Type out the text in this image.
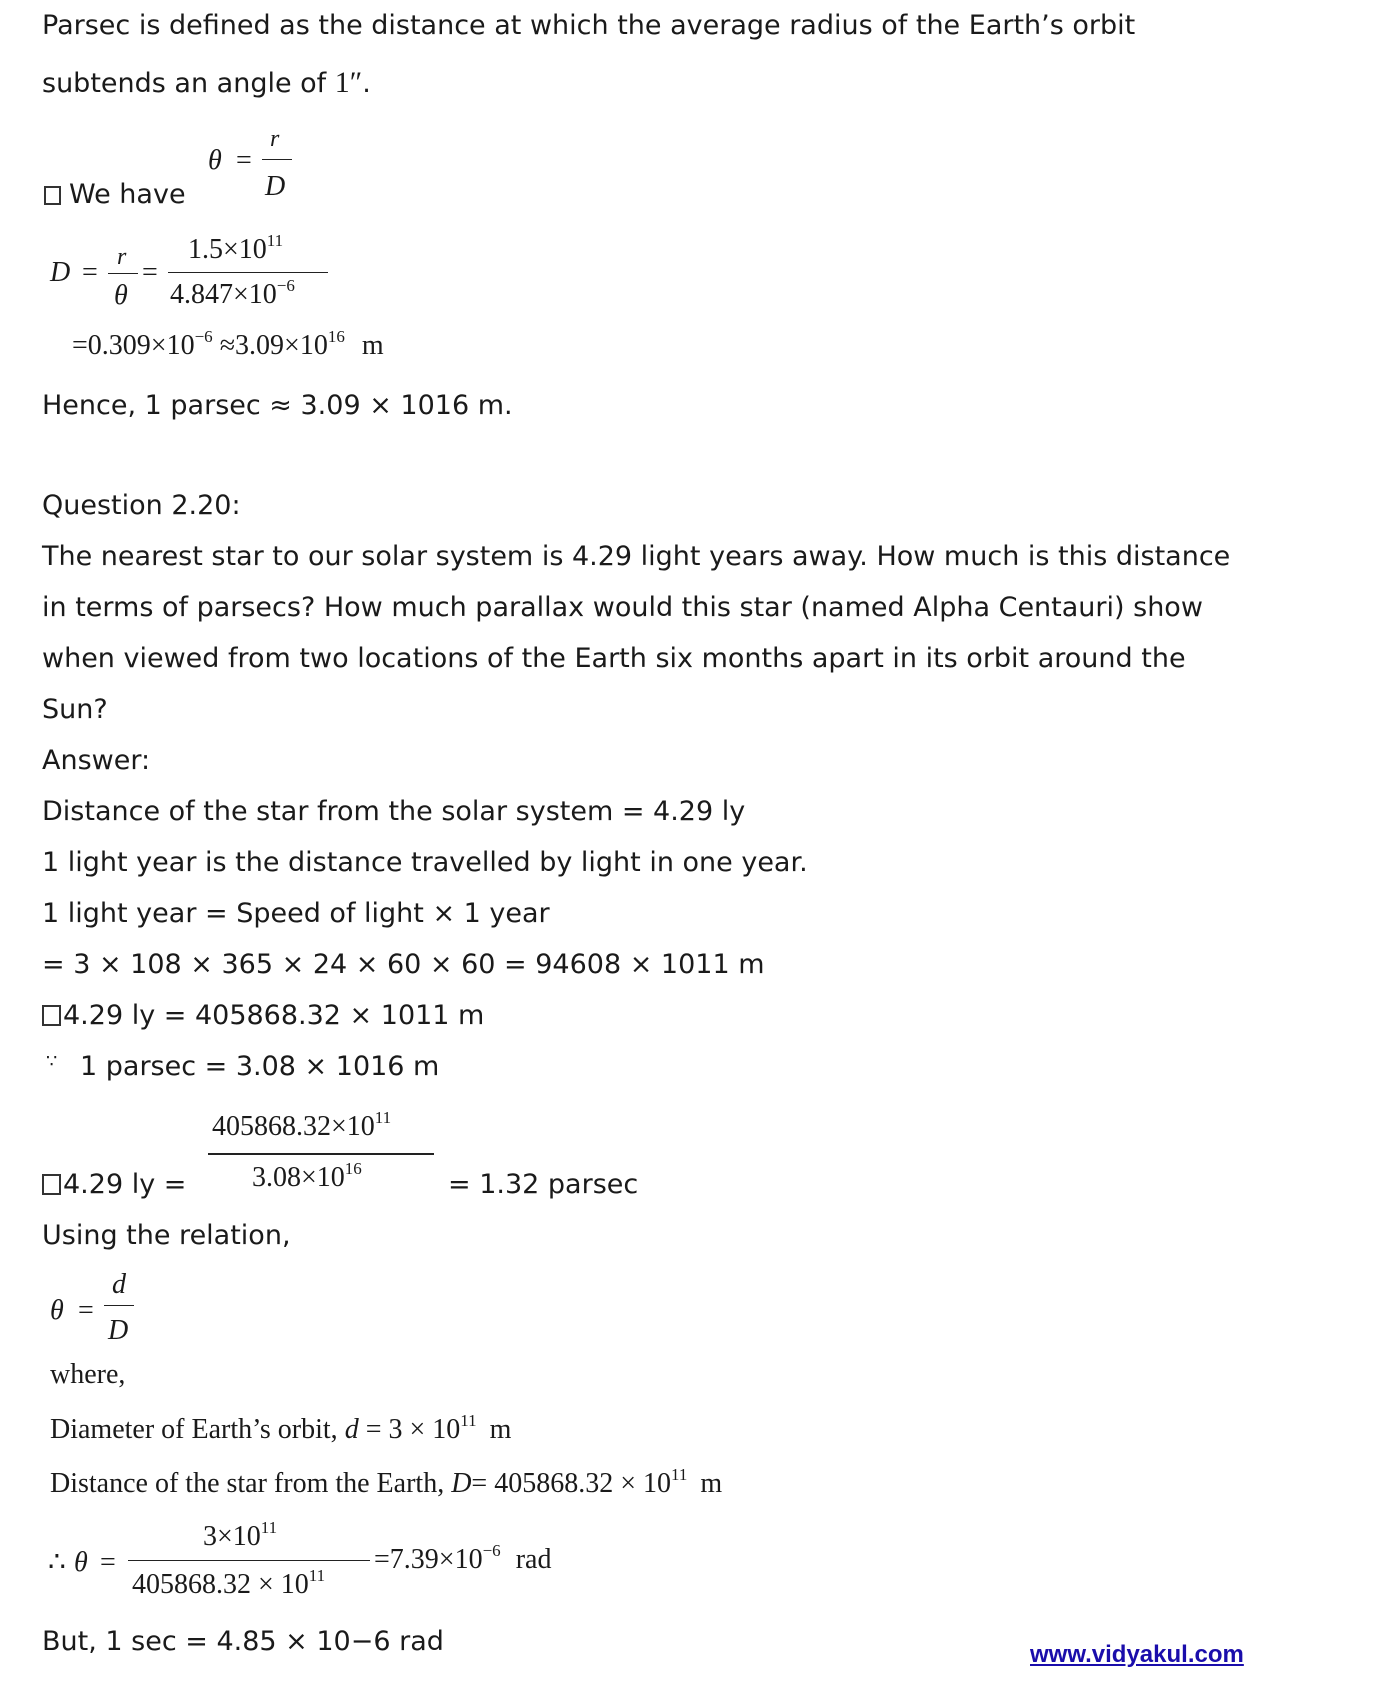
Parsec is defined as the distance at which the average radius of the Earth’s orbit
subtends an angle of 1″.
We have
θ =
r
D
D = r
θ
=
$1.5\times 10^{11}$
$4.847\times 10^{-6}$
$=0.309\times 10^{-6} \approx 3.09\times 10^{16}$ m
Hence, 1 parsec ≈ 3.09 × 1016 m.
Question 2.20:
The nearest star to our solar system is 4.29 light years away. How much is this distance
in terms of parsecs? How much parallax would this star (named Alpha Centauri) show
when viewed from two locations of the Earth six months apart in its orbit around the
Sun?
Answer:
Distance of the star from the solar system = 4.29 ly
1 light year is the distance travelled by light in one year.
1 light year = Speed of light × 1 year
= 3 × 108 × 365 × 24 × 60 × 60 = 94608 × 1011 m
4.29 ly = 405868.32 × 1011 m
∵ 1 parsec = 3.08 × 1016 m
$405868.32\times 10^{11}$
$3.08\times 10^{16}$
4.29 ly =	= 1.32 parsec
Using the relation,
θ =
d
D
where,
Diameter of Earth’s orbit, $d = 3 \times 10^{11}$ m
Distance of the star from the Earth, $D= 405868.32 \times 10^{11}$ m
∴ θ =
$3\times 10^{11}$
$405868.32 \times 10^{11}$
$=7.39\times 10^{-6}$ rad
But, 1 sec = 4.85 × 10−6 rad	www.vidyakul.com
